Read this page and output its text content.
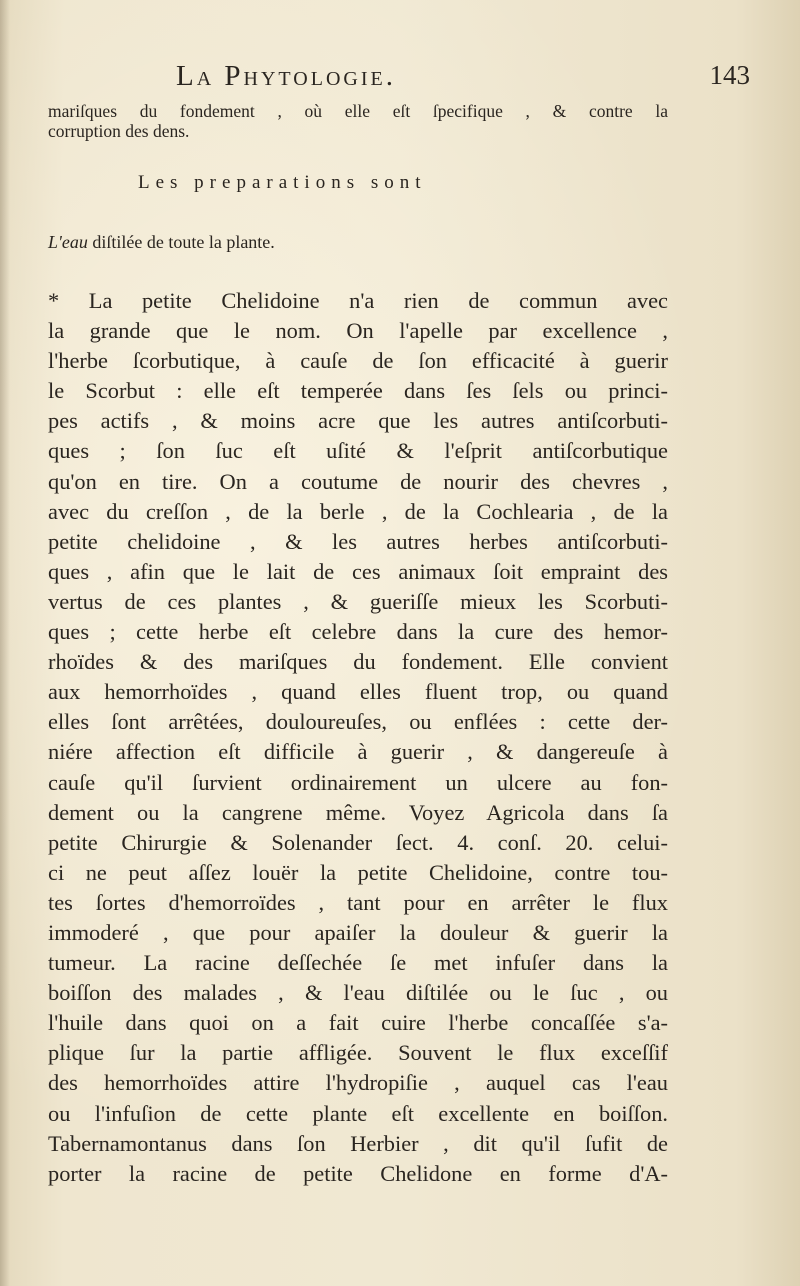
La Phytologie.	143
mariſques du fondement , où elle eſt ſpecifique , & contre la
corruption des dens.
Les preparations sont
L'eau diſtilée de toute la plante.
* La petite Chelidoine n'a rien de commun avec
la grande que le nom. On l'apelle par excellence ,
l'herbe ſcorbutique, à cauſe de ſon efficacité à guerir
le Scorbut : elle eſt temperée dans ſes ſels ou princi-
pes actifs , & moins acre que les autres antiſcorbuti-
ques ; ſon ſuc eſt uſité & l'eſprit antiſcorbutique
qu'on en tire. On a coutume de nourir des chevres ,
avec du creſſon , de la berle , de la Cochlearia , de la
petite chelidoine , & les autres herbes antiſcorbuti-
ques , afin que le lait de ces animaux ſoit empraint des
vertus de ces plantes , & gueriſſe mieux les Scorbuti-
ques ; cette herbe eſt celebre dans la cure des hemor-
rhoïdes & des mariſques du fondement. Elle convient
aux hemorrhoïdes , quand elles fluent trop, ou quand
elles ſont arrêtées, douloureuſes, ou enflées : cette der-
niére affection eſt difficile à guerir , & dangereuſe à
cauſe qu'il ſurvient ordinairement un ulcere au fon-
dement ou la cangrene même. Voyez Agricola dans ſa
petite Chirurgie & Solenander ſect. 4. conſ. 20. celui-
ci ne peut aſſez louër la petite Chelidoine, contre tou-
tes ſortes d'hemorroïdes , tant pour en arrêter le flux
immoderé , que pour apaiſer la douleur & guerir la
tumeur. La racine deſſechée ſe met infuſer dans la
boiſſon des malades , & l'eau diſtilée ou le ſuc , ou
l'huile dans quoi on a fait cuire l'herbe concaſſée s'a-
plique ſur la partie affligée. Souvent le flux exceſſif
des hemorrhoïdes attire l'hydropiſie , auquel cas l'eau
ou l'infuſion de cette plante eſt excellente en boiſſon.
Tabernamontanus dans ſon Herbier , dit qu'il ſufit de
porter la racine de petite Chelidone en forme d'A-
